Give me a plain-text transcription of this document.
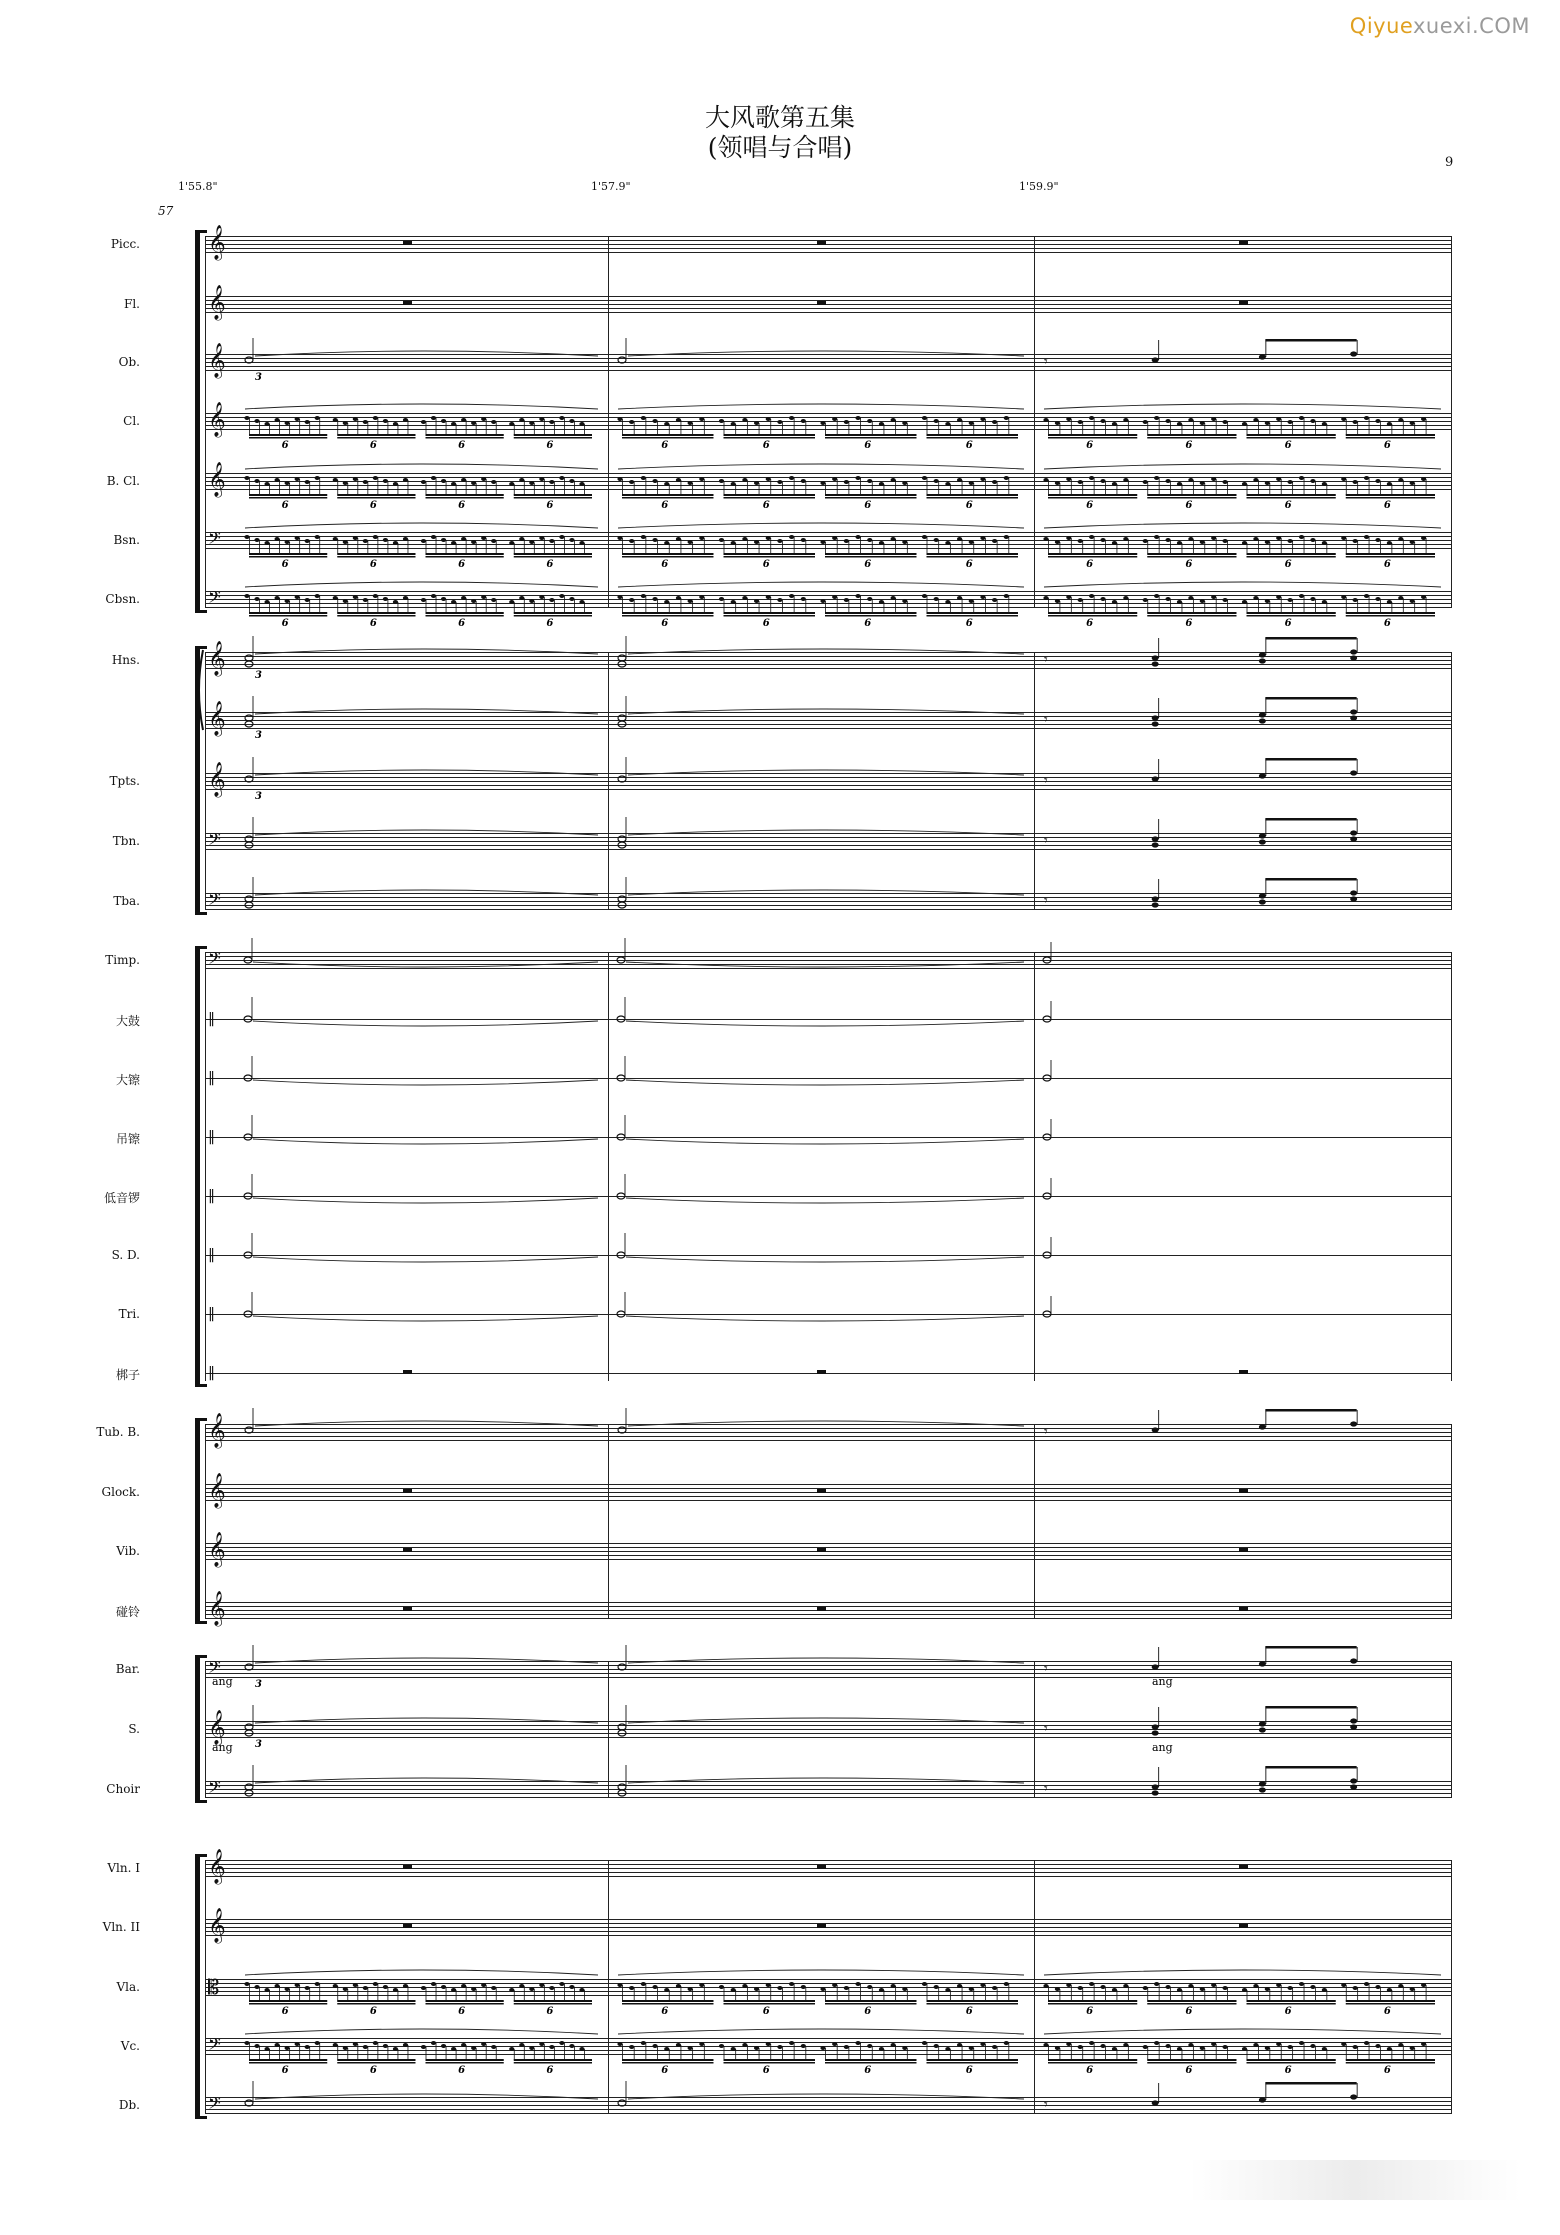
Qiyuexuexi.COM
大风歌第五集
(领唱与合唱)
9
1'55.8"	1'57.9"	1'59.9"
57
Picc. 𝄞
Fl. 𝄞
Ob. 𝄞
Cl. 𝄞
B. Cl. 𝄞
Bsn.	𝄢
Cbsn.	𝄢
Hns. 𝄞
𝄞
Tpts. 𝄞
Tbn.	𝄢
Tba.	𝄢
Timp.	𝄢
大鼓	‖
大镲	‖
吊镲	‖
低音锣	‖
S. D.	‖
Tri.	‖
梆子	‖
Tub. B. 𝄞
Glock. 𝄞
Vib. 𝄞
碰铃 𝄞
Bar.	𝄢
S. 𝄞
Choir	𝄢
Vln. I 𝄞
Vln. II 𝄞
Vla.	𝄡
Vc.	𝄢
Db.	𝄢
3
𝄾
6	6	6	6	6	6	6	6	6	6	6	6
6	6	6	6	6	6	6	6	6	6	6	6
6	6	6	6	6	6	6	6	6	6	6	6
6	6	6	6	6	6	6	6	6	6	6	6
3
𝄾
3
𝄾
3
𝄾
𝄾
𝄾
𝄾
3
𝄾
3
𝄾
𝄾
6	6	6	6	6	6	6	6	6	6	6	6
6	6	6	6	6	6	6	6	6	6	6	6
𝄾
ang	ang
ang	ang
